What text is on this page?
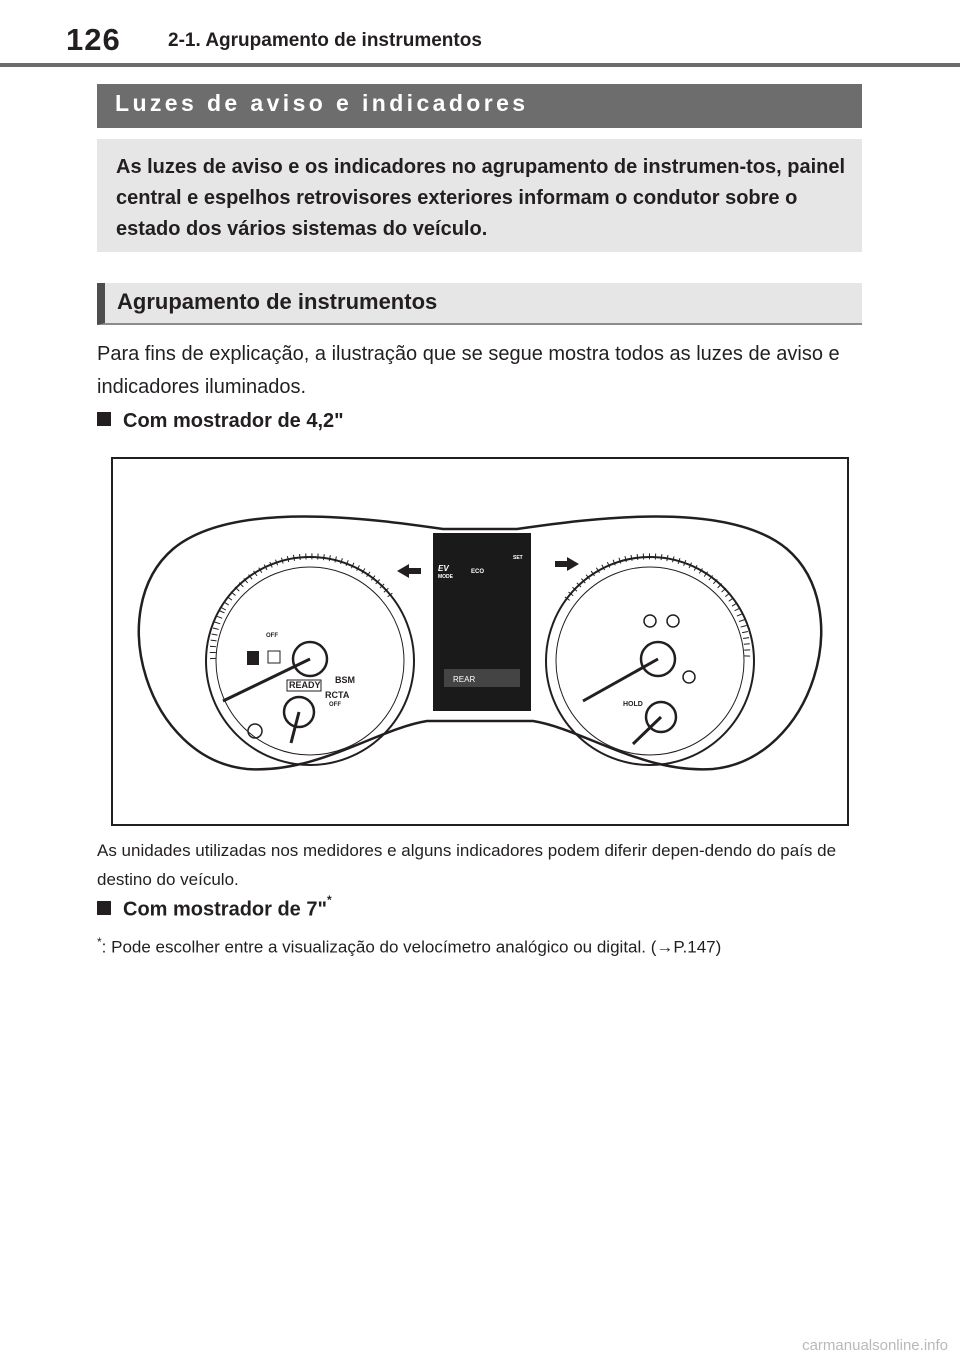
126 2-1. Agrupamento de instrumentos
Luzes de aviso e indicadores

As luzes de aviso e os indicadores no agrupamento de instrumen-tos, painel central e espelhos retrovisores exteriores informam o condutor sobre o estado dos vários sistemas do veículo.

Agrupamento de instrumentos

Para fins de explicação, a ilustração que se segue mostra todos as luzes de aviso e indicadores iluminados.

Com mostrador de 4,2"
READY BSM
RCTA
OFF
OFF
EV
MODE
ECO
SET
REAR
HOLD

As unidades utilizadas nos medidores e alguns indicadores podem diferir depen-dendo do país de destino do veículo.

Com mostrador de 7"*
*: Pode escolher entre a visualização do velocímetro analógico ou digital. (→P.147)
carmanualsonline.info
